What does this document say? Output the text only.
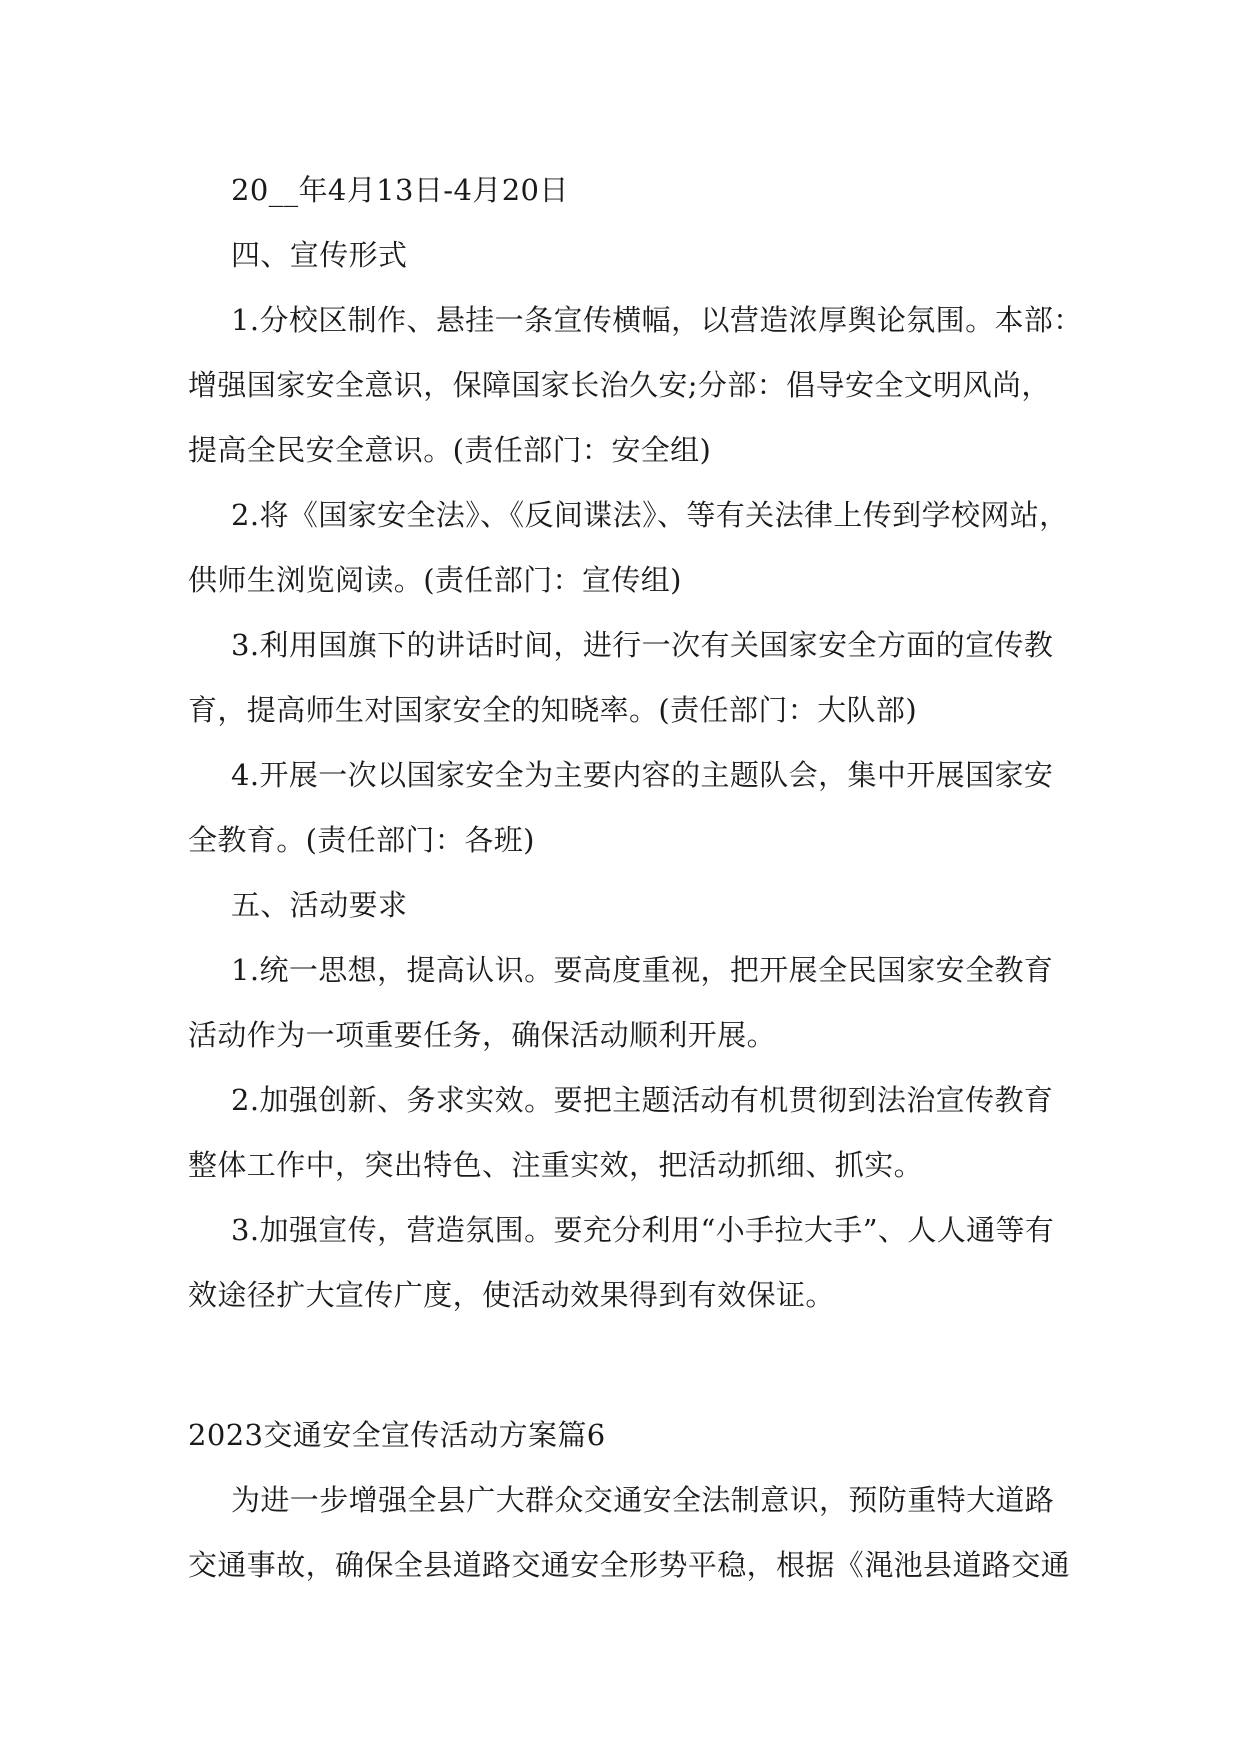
20__年4月13日-4月20日
四、宣传形式
1.分校区制作、悬挂一条宣传横幅，以营造浓厚舆论氛围。本部：
增强国家安全意识，保障国家长治久安;分部：倡导安全文明风尚，
提高全民安全意识。(责任部门：安全组)
2.将《国家安全法》、《反间谍法》、等有关法律上传到学校网站，
供师生浏览阅读。(责任部门：宣传组)
3.利用国旗下的讲话时间，进行一次有关国家安全方面的宣传教
育，提高师生对国家安全的知晓率。(责任部门：大队部)
4.开展一次以国家安全为主要内容的主题队会，集中开展国家安
全教育。(责任部门：各班)
五、活动要求
1.统一思想，提高认识。要高度重视，把开展全民国家安全教育
活动作为一项重要任务，确保活动顺利开展。
2.加强创新、务求实效。要把主题活动有机贯彻到法治宣传教育
整体工作中，突出特色、注重实效，把活动抓细、抓实。
3.加强宣传，营造氛围。要充分利用“小手拉大手”、人人通等有
效途径扩大宣传广度，使活动效果得到有效保证。
2023交通安全宣传活动方案篇6
为进一步增强全县广大群众交通安全法制意识，预防重特大道路
交通事故，确保全县道路交通安全形势平稳，根据《渑池县道路交通
